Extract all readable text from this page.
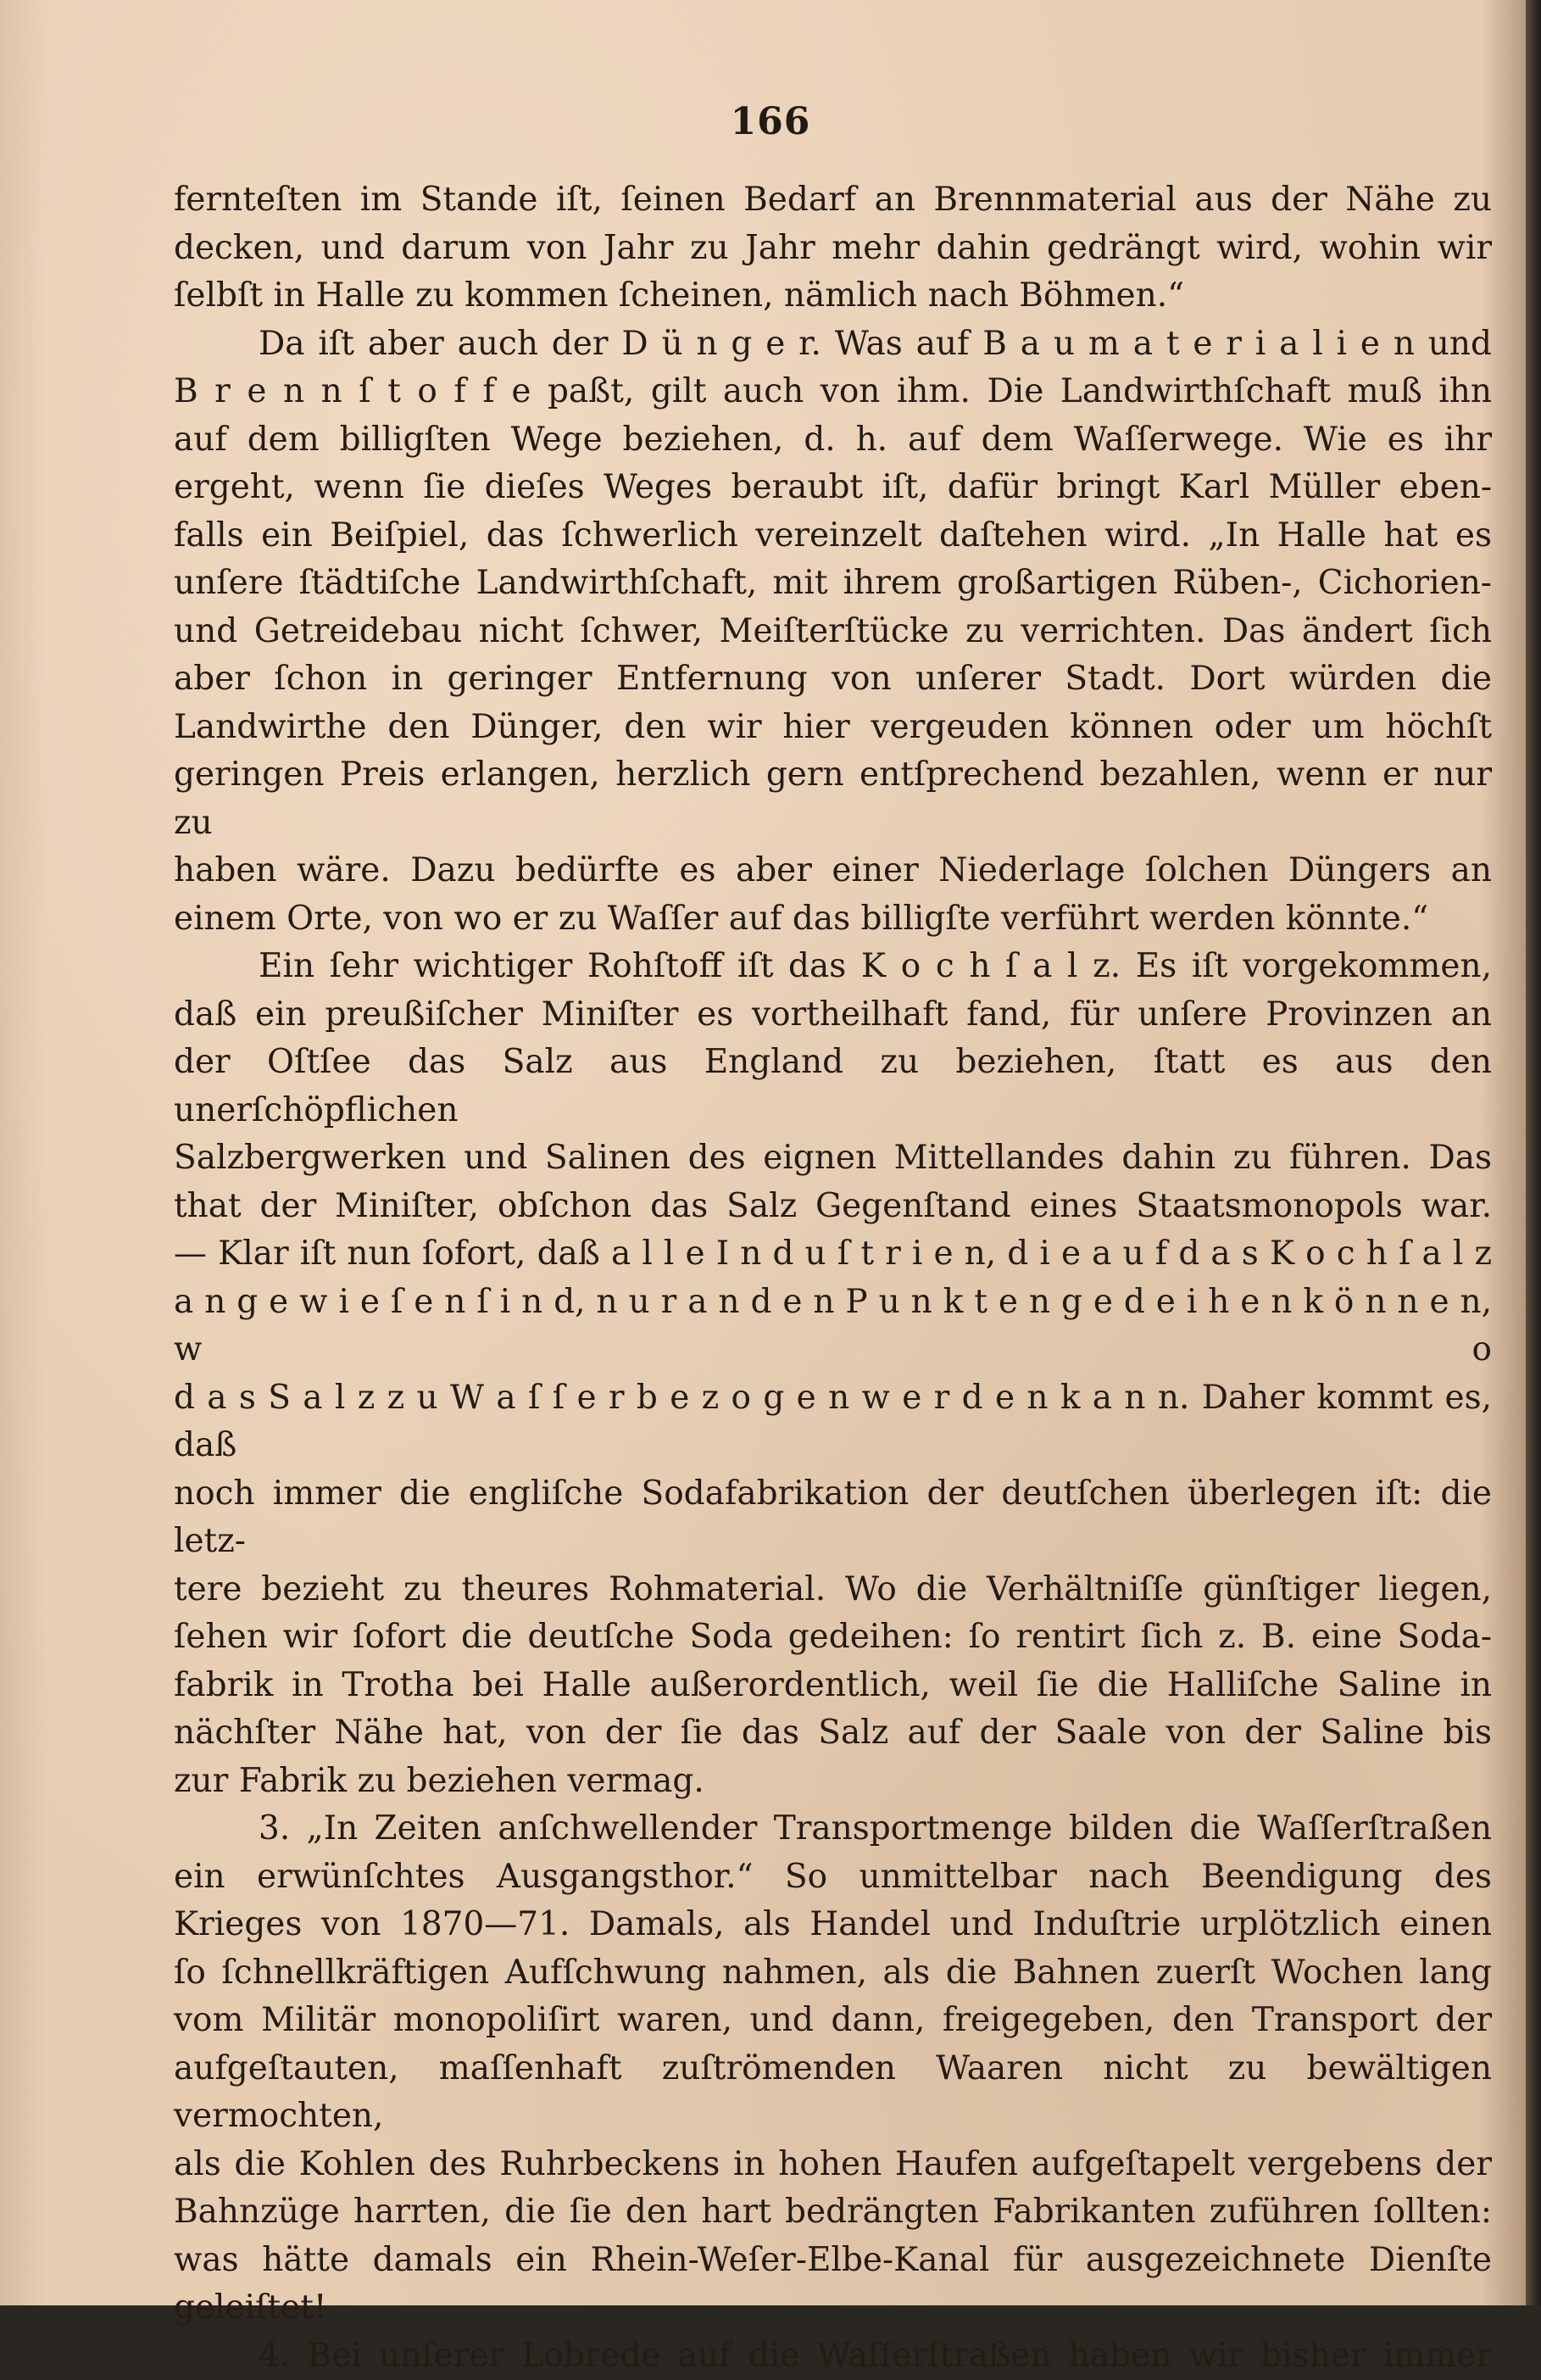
166

fernteſten im Stande iſt, ſeinen Bedarf an Brennmaterial aus der Nähe zu

decken, und darum von Jahr zu Jahr mehr dahin gedrängt wird, wohin wir

ſelbſt in Halle zu kommen ſcheinen, nämlich nach Böhmen.“

Da iſt aber auch der D ü n g e r. Was auf B a u m a t e r i a l i e n und

B r e n n ſ t o f f e paßt, gilt auch von ihm. Die Landwirthſchaft muß ihn

auf dem billigſten Wege beziehen, d. h. auf dem Waſſerwege. Wie es ihr

ergeht, wenn ſie dieſes Weges beraubt iſt, dafür bringt Karl Müller eben-

falls ein Beiſpiel, das ſchwerlich vereinzelt daſtehen wird. „In Halle hat es

unſere ſtädtiſche Landwirthſchaft, mit ihrem großartigen Rüben-, Cichorien-

und Getreidebau nicht ſchwer, Meiſterſtücke zu verrichten. Das ändert ſich

aber ſchon in geringer Entfernung von unſerer Stadt. Dort würden die

Landwirthe den Dünger, den wir hier vergeuden können oder um höchſt

geringen Preis erlangen, herzlich gern entſprechend bezahlen, wenn er nur zu

haben wäre. Dazu bedürfte es aber einer Niederlage ſolchen Düngers an

einem Orte, von wo er zu Waſſer auf das billigſte verführt werden könnte.“

Ein ſehr wichtiger Rohſtoff iſt das K o c h ſ a l z. Es iſt vorgekommen,

daß ein preußiſcher Miniſter es vortheilhaft fand, für unſere Provinzen an

der Oſtſee das Salz aus England zu beziehen, ſtatt es aus den unerſchöpflichen

Salzbergwerken und Salinen des eignen Mittellandes dahin zu führen. Das

that der Miniſter, obſchon das Salz Gegenſtand eines Staatsmonopols war.

— Klar iſt nun ſofort, daß a l l e I n d u ſ t r i e n, d i e a u f d a s K o c h ſ a l z

a n g e w i e ſ e n ſ i n d, n u r a n d e n P u n k t e n g e d e i h e n k ö n n e n, w o

d a s S a l z z u W a ſ ſ e r b e z o g e n w e r d e n k a n n. Daher kommt es, daß

noch immer die engliſche Sodafabrikation der deutſchen überlegen iſt: die letz-

tere bezieht zu theures Rohmaterial. Wo die Verhältniſſe günſtiger liegen,

ſehen wir ſofort die deutſche Soda gedeihen: ſo rentirt ſich z. B. eine Soda-

fabrik in Trotha bei Halle außerordentlich, weil ſie die Halliſche Saline in

nächſter Nähe hat, von der ſie das Salz auf der Saale von der Saline bis

zur Fabrik zu beziehen vermag.

3. „In Zeiten anſchwellender Transportmenge bilden die Waſſerſtraßen

ein erwünſchtes Ausgangsthor.“ So unmittelbar nach Beendigung des

Krieges von 1870—71. Damals, als Handel und Induſtrie urplötzlich einen

ſo ſchnellkräftigen Aufſchwung nahmen, als die Bahnen zuerſt Wochen lang

vom Militär monopoliſirt waren, und dann, freigegeben, den Transport der

aufgeſtauten, maſſenhaft zuſtrömenden Waaren nicht zu bewältigen vermochten,

als die Kohlen des Ruhrbeckens in hohen Haufen aufgeſtapelt vergebens der

Bahnzüge harrten, die ſie den hart bedrängten Fabrikanten zuführen ſollten:

was hätte damals ein Rhein-Weſer-Elbe-Kanal für ausgezeichnete Dienſte

geleiſtet!

4. Bei unſerer Lobrede auf die Waſſerſtraßen haben wir bisher immer
